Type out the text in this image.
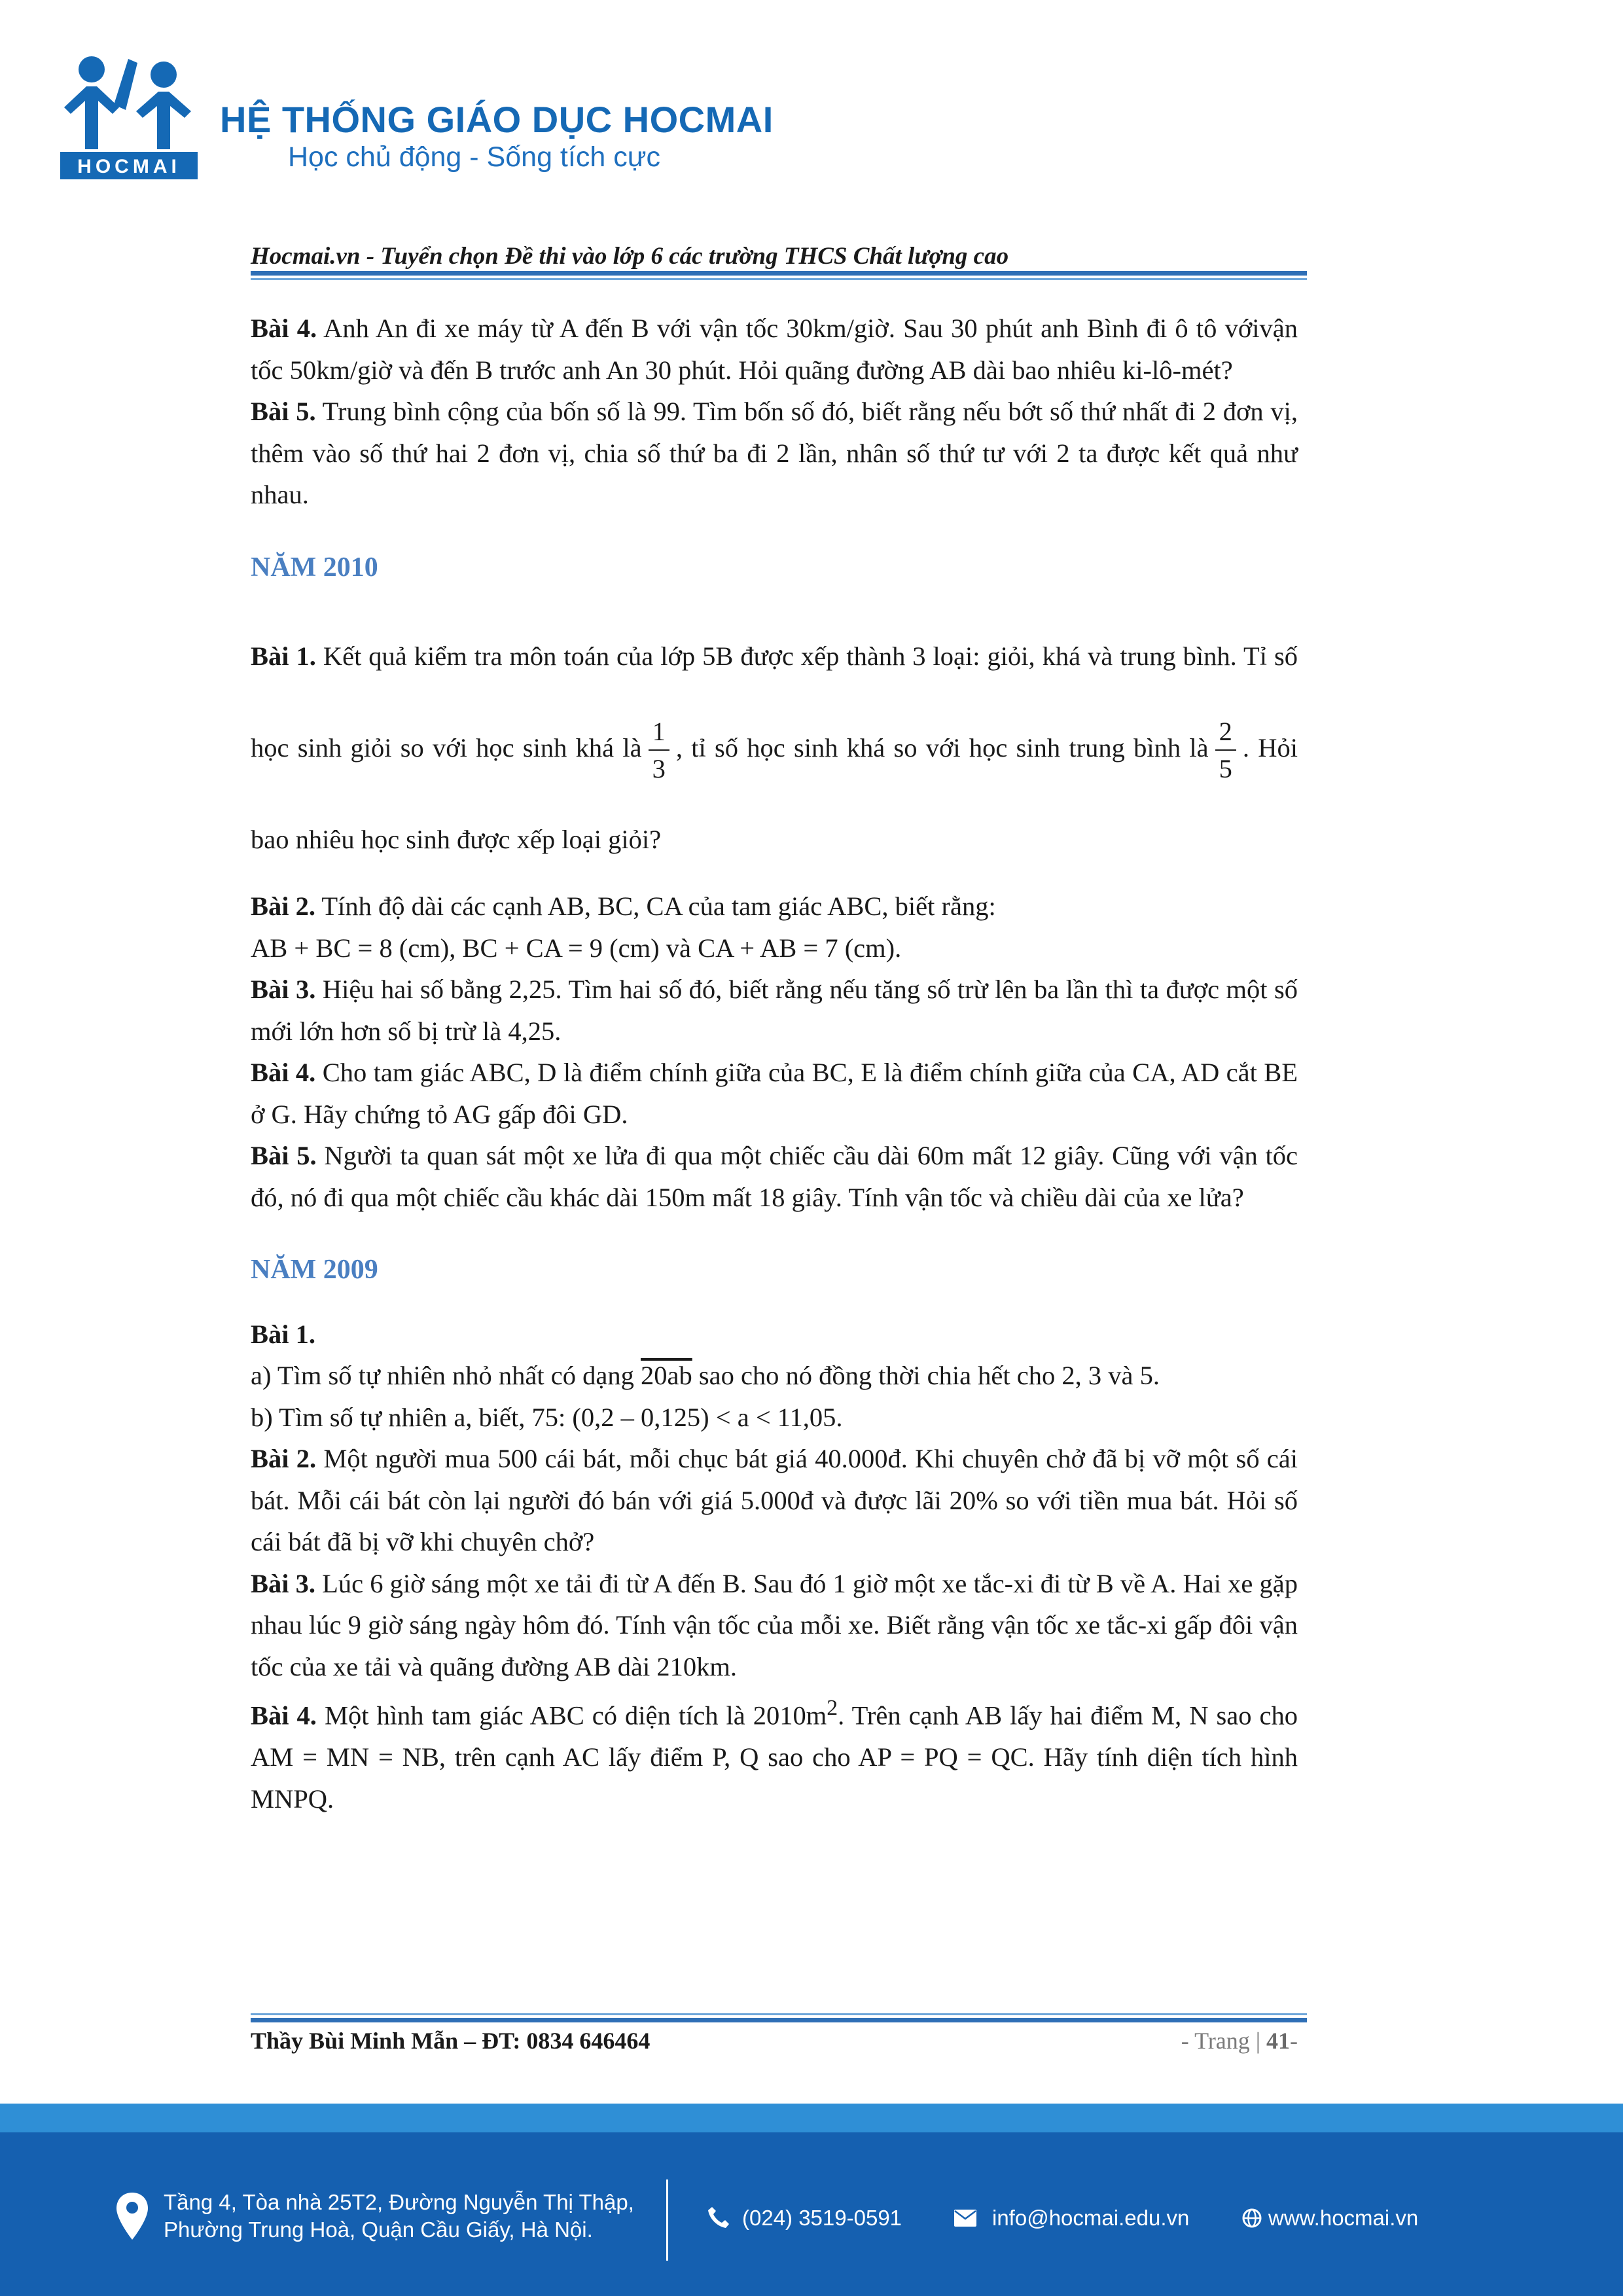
HOCMAI
HỆ THỐNG GIÁO DỤC HOCMAI
Học chủ động - Sống tích cực
Hocmai.vn - Tuyển chọn Đề thi vào lớp 6 các trường THCS Chất lượng cao

Bài 4. Anh An đi xe máy từ A đến B với vận tốc 30km/giờ. Sau 30 phút anh Bình đi ô tô vớivận tốc 50km/giờ và đến B trước anh An 30 phút. Hỏi quãng đường AB dài bao nhiêu ki-lô-mét?

Bài 5. Trung bình cộng của bốn số là 99. Tìm bốn số đó, biết rằng nếu bớt số thứ nhất đi 2 đơn vị, thêm vào số thứ hai 2 đơn vị, chia số thứ ba đi 2 lần, nhân số thứ tư với 2 ta được kết quả như nhau.

NĂM 2010

Bài 1. Kết quả kiểm tra môn toán của lớp 5B được xếp thành 3 loại: giỏi, khá và trung bình. Tỉ số học sinh giỏi so với học sinh khá là $\frac{1}{3}$ , tỉ số học sinh khá so với học sinh trung bình là $\frac{2}{5}$ . Hỏi bao nhiêu học sinh được xếp loại giỏi?

Bài 2. Tính độ dài các cạnh AB, BC, CA của tam giác ABC, biết rằng:

AB + BC = 8 (cm), BC + CA = 9 (cm) và CA + AB = 7 (cm).

Bài 3. Hiệu hai số bằng 2,25. Tìm hai số đó, biết rằng nếu tăng số trừ lên ba lần thì ta được một số mới lớn hơn số bị trừ là 4,25.

Bài 4. Cho tam giác ABC, D là điểm chính giữa của BC, E là điểm chính giữa của CA, AD cắt BE ở G. Hãy chứng tỏ AG gấp đôi GD.

Bài 5. Người ta quan sát một xe lửa đi qua một chiếc cầu dài 60m mất 12 giây. Cũng với vận tốc đó, nó đi qua một chiếc cầu khác dài 150m mất 18 giây. Tính vận tốc và chiều dài của xe lửa?

NĂM 2009

Bài 1.

a) Tìm số tự nhiên nhỏ nhất có dạng 20ab sao cho nó đồng thời chia hết cho 2, 3 và 5.

b) Tìm số tự nhiên a, biết, 75: (0,2 – 0,125) < a < 11,05.

Bài 2. Một người mua 500 cái bát, mỗi chục bát giá 40.000đ. Khi chuyên chở đã bị vỡ một số cái bát. Mỗi cái bát còn lại người đó bán với giá 5.000đ và được lãi 20% so với tiền mua bát. Hỏi số cái bát đã bị vỡ khi chuyên chở?

Bài 3. Lúc 6 giờ sáng một xe tải đi từ A đến B. Sau đó 1 giờ một xe tắc-xi đi từ B về A. Hai xe gặp nhau lúc 9 giờ sáng ngày hôm đó. Tính vận tốc của mỗi xe. Biết rằng vận tốc xe tắc-xi gấp đôi vận tốc của xe tải và quãng đường AB dài 210km.

Bài 4. Một hình tam giác ABC có diện tích là $2010m^2$. Trên cạnh AB lấy hai điểm M, N sao cho AM = MN = NB, trên cạnh AC lấy điểm P, Q sao cho AP = PQ = QC. Hãy tính diện tích hình MNPQ.

Thầy Bùi Minh Mẫn – ĐT: 0834 646464	- Trang | 41-
Tầng 4, Tòa nhà 25T2, Đường Nguyễn Thị Thập,
Phường Trung Hoà, Quận Cầu Giấy, Hà Nội.	(024) 3519-0591	info@hocmai.edu.vn	www.hocmai.vn
